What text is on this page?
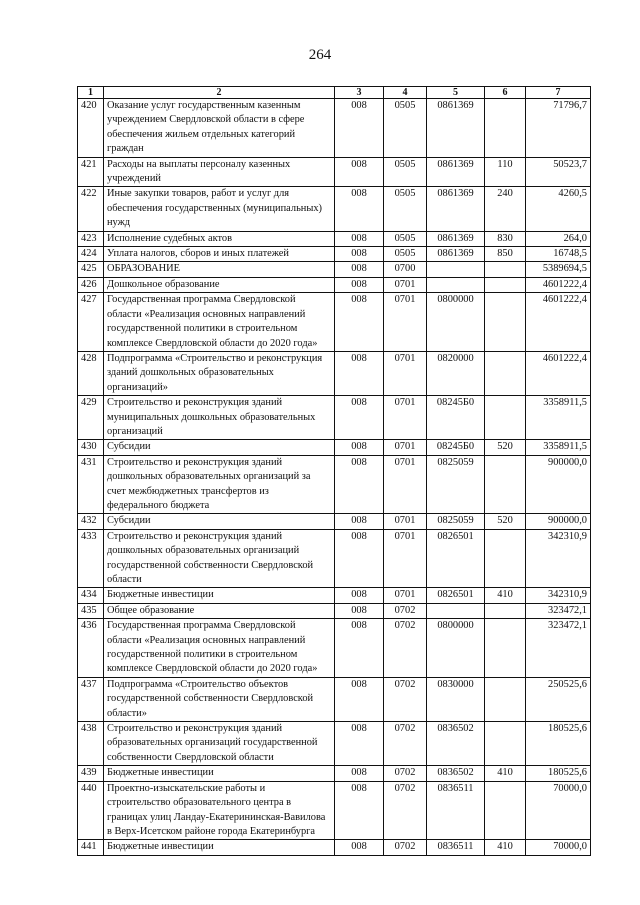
264
1	2	3	4	5	6	7
420	Оказание услуг государственным казенным учреждением Свердловской области в сфере обеспечения жильем отдельных категорий граждан	008	0505	0861369		71796,7
421	Расходы на выплаты персоналу казенных учреждений	008	0505	0861369	110	50523,7
422	Иные закупки товаров, работ и услуг для обеспечения государственных (муниципальных) нужд	008	0505	0861369	240	4260,5
423	Исполнение судебных актов	008	0505	0861369	830	264,0
424	Уплата налогов, сборов и иных платежей	008	0505	0861369	850	16748,5
425	ОБРАЗОВАНИЕ	008	0700			5389694,5
426	Дошкольное образование	008	0701			4601222,4
427	Государственная программа Свердловской области «Реализация основных направлений государственной политики в строительном комплексе Свердловской области до 2020 года»	008	0701	0800000		4601222,4
428	Подпрограмма «Строительство и реконструкция зданий дошкольных образовательных организаций»	008	0701	0820000		4601222,4
429	Строительство и реконструкция зданий муниципальных дошкольных образовательных организаций	008	0701	08245Б0		3358911,5
430	Субсидии	008	0701	08245Б0	520	3358911,5
431	Строительство и реконструкция зданий дошкольных образовательных организаций за счет межбюджетных трансфертов из федерального бюджета	008	0701	0825059		900000,0
432	Субсидии	008	0701	0825059	520	900000,0
433	Строительство и реконструкция зданий дошкольных образовательных организаций государственной собственности Свердловской области	008	0701	0826501		342310,9
434	Бюджетные инвестиции	008	0701	0826501	410	342310,9
435	Общее образование	008	0702			323472,1
436	Государственная программа Свердловской области «Реализация основных направлений государственной политики в строительном комплексе Свердловской области до 2020 года»	008	0702	0800000		323472,1
437	Подпрограмма «Строительство объектов государственной собственности Свердловской области»	008	0702	0830000		250525,6
438	Строительство и реконструкция зданий образовательных организаций государственной собственности Свердловской области	008	0702	0836502		180525,6
439	Бюджетные инвестиции	008	0702	0836502	410	180525,6
440	Проектно-изыскательские работы и строительство образовательного центра в границах улиц Ландау-Екатерининская-Вавилова в Верх-Исетском районе города Екатеринбурга	008	0702	0836511		70000,0
441	Бюджетные инвестиции	008	0702	0836511	410	70000,0
